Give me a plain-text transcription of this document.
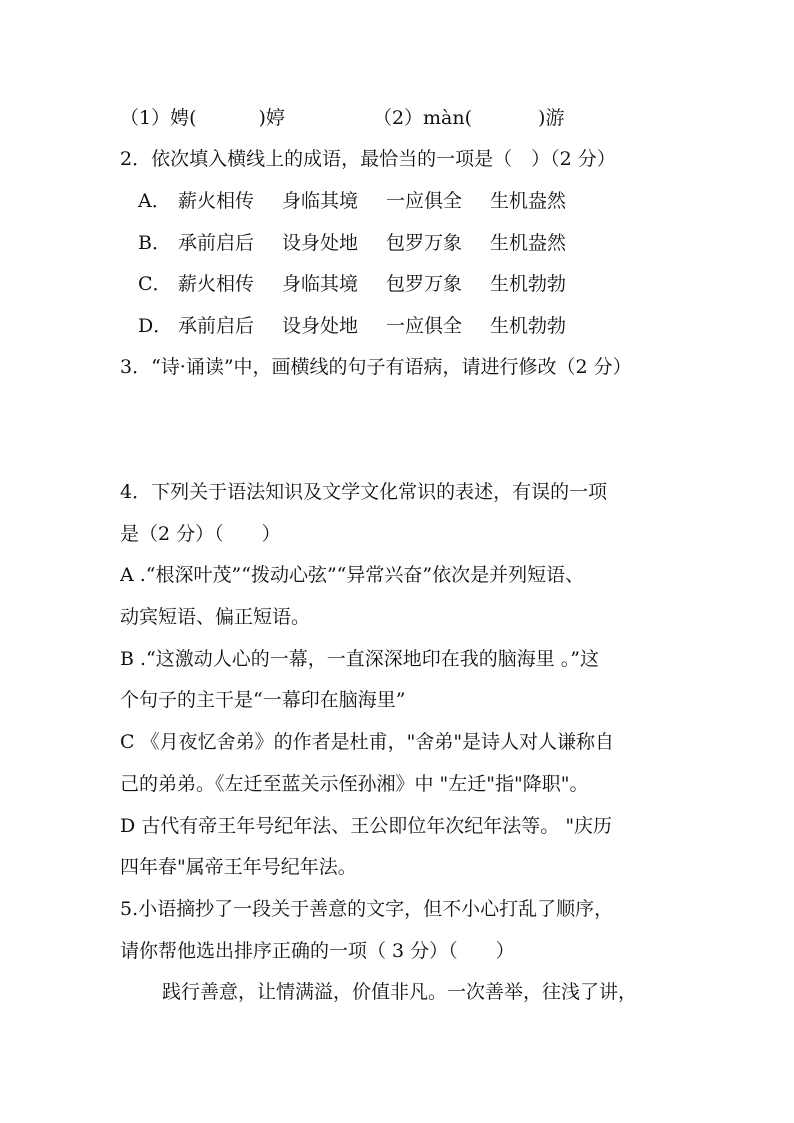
（1）娉(	)婷	（2）màn(	)游
2．依次填入横线上的成语，最恰当的一项是（　）（2 分）
A． 薪火相传 身临其境 一应俱全 生机盎然
B． 承前启后 设身处地 包罗万象 生机盎然
C． 薪火相传 身临其境 包罗万象 生机勃勃
D． 承前启后 设身处地 一应俱全 生机勃勃
3．“诗·诵读”中，画横线的句子有语病，请进行修改（2 分）
4．下列关于语法知识及文学文化常识的表述，有误的一项
是（2 分）（　　）
A .“根深叶茂”“拨动心弦”“异常兴奋”依次是并列短语、
动宾短语、偏正短语。
B .“这激动人心的一幕，一直深深地印在我的脑海里 。”这
个句子的主干是“一幕印在脑海里”
C 《月夜忆舍弟》的作者是杜甫，"舍弟"是诗人对人谦称自
己的弟弟。《左迁至蓝关示侄孙湘》中 "左迁"指"降职"。
D 古代有帝王年号纪年法、王公即位年次纪年法等。 "庆历
四年春"属帝王年号纪年法。
5.小语摘抄了一段关于善意的文字，但不小心打乱了顺序，
请你帮他选出排序正确的一项（ 3 分）（　　）
践行善意，让情满溢，价值非凡。一次善举，往浅了讲，
